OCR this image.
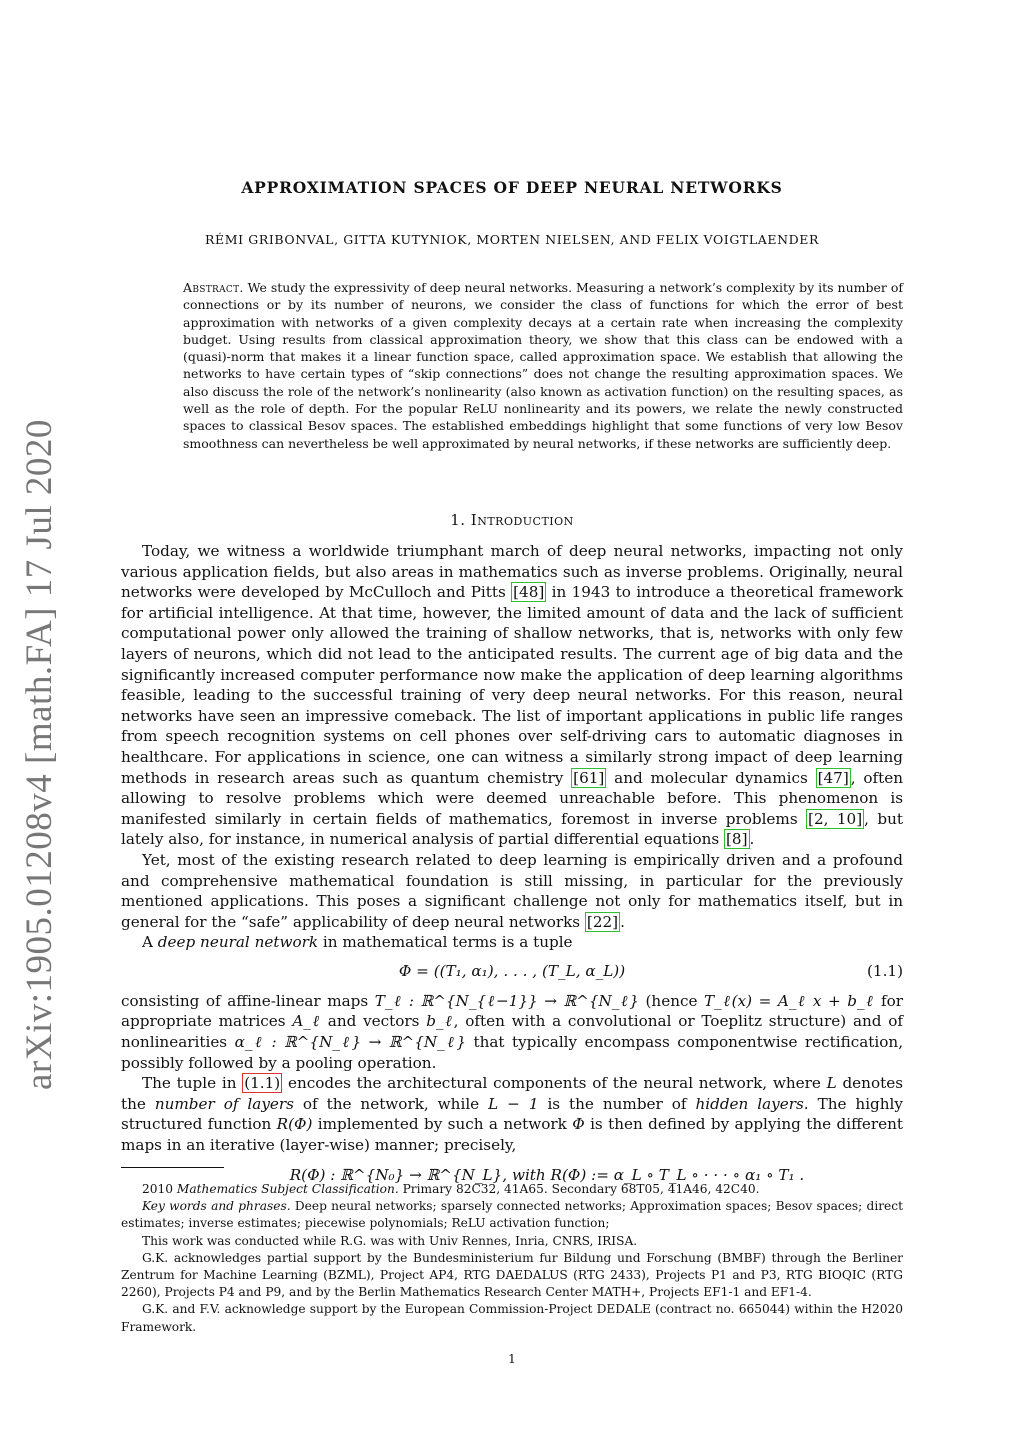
arXiv:1905.01208v4 [math.FA] 17 Jul 2020
APPROXIMATION SPACES OF DEEP NEURAL NETWORKS
RÉMI GRIBONVAL, GITTA KUTYNIOK, MORTEN NIELSEN, AND FELIX VOIGTLAENDER
Abstract. We study the expressivity of deep neural networks. Measuring a network’s complexity by its number of connections or by its number of neurons, we consider the class of functions for which the error of best approximation with networks of a given complexity decays at a certain rate when increasing the complexity budget. Using results from classical approximation theory, we show that this class can be endowed with a (quasi)-norm that makes it a linear function space, called approximation space. We establish that allowing the networks to have certain types of “skip connections” does not change the resulting approximation spaces. We also discuss the role of the network’s nonlinearity (also known as activation function) on the resulting spaces, as well as the role of depth. For the popular ReLU nonlinearity and its powers, we relate the newly constructed spaces to classical Besov spaces. The established embeddings highlight that some functions of very low Besov smoothness can nevertheless be well approximated by neural networks, if these networks are sufficiently deep.
1. Introduction

Today, we witness a worldwide triumphant march of deep neural networks, impacting not only various application fields, but also areas in mathematics such as inverse problems. Originally, neural networks were developed by McCulloch and Pitts [48] in 1943 to introduce a theoretical framework for artificial intelligence. At that time, however, the limited amount of data and the lack of sufficient computational power only allowed the training of shallow networks, that is, networks with only few layers of neurons, which did not lead to the anticipated results. The current age of big data and the significantly increased computer performance now make the application of deep learning algorithms feasible, leading to the successful training of very deep neural networks. For this reason, neural networks have seen an impressive comeback. The list of important applications in public life ranges from speech recognition systems on cell phones over self-driving cars to automatic diagnoses in healthcare. For applications in science, one can witness a similarly strong impact of deep learning methods in research areas such as quantum chemistry [61] and molecular dynamics [47] , often allowing to resolve problems which were deemed unreachable before. This phenomenon is manifested similarly in certain fields of mathematics, foremost in inverse problems [2, 10] , but lately also, for instance, in numerical analysis of partial differential equations [8] .

Yet, most of the existing research related to deep learning is empirically driven and a profound and comprehensive mathematical foundation is still missing, in particular for the previously mentioned applications. This poses a significant challenge not only for mathematics itself, but in general for the “safe” applicability of deep neural networks [22] .

A deep neural network in mathematical terms is a tuple

Φ = ((T₁, α₁), . . . , (T_L, α_L))	(1.1)

consisting of affine-linear maps T_ℓ : ℝ^{N_{ℓ−1}} → ℝ^{N_ℓ} (hence T_ℓ(x) = A_ℓ x + b_ℓ for appropriate matrices A_ℓ and vectors b_ℓ, often with a convolutional or Toeplitz structure) and of nonlinearities α_ℓ : ℝ^{N_ℓ} → ℝ^{N_ℓ} that typically encompass componentwise rectification, possibly followed by a pooling operation.

The tuple in (1.1) encodes the architectural components of the neural network, where L denotes the number of layers of the network, while L − 1 is the number of hidden layers. The highly structured function R(Φ) implemented by such a network Φ is then defined by applying the different maps in an iterative (layer-wise) manner; precisely,

R(Φ) : ℝ^{N₀} → ℝ^{N_L}, with R(Φ) := α_L ∘ T_L ∘ · · · ∘ α₁ ∘ T₁ .

2010 Mathematics Subject Classification. Primary 82C32, 41A65. Secondary 68T05, 41A46, 42C40.

Key words and phrases. Deep neural networks; sparsely connected networks; Approximation spaces; Besov spaces; direct estimates; inverse estimates; piecewise polynomials; ReLU activation function;

This work was conducted while R.G. was with Univ Rennes, Inria, CNRS, IRISA.

G.K. acknowledges partial support by the Bundesministerium fur Bildung und Forschung (BMBF) through the Berliner Zentrum for Machine Learning (BZML), Project AP4, RTG DAEDALUS (RTG 2433), Projects P1 and P3, RTG BIOQIC (RTG 2260), Projects P4 and P9, and by the Berlin Mathematics Research Center MATH+, Projects EF1-1 and EF1-4.

G.K. and F.V. acknowledge support by the European Commission-Project DEDALE (contract no. 665044) within the H2020 Framework.

1
